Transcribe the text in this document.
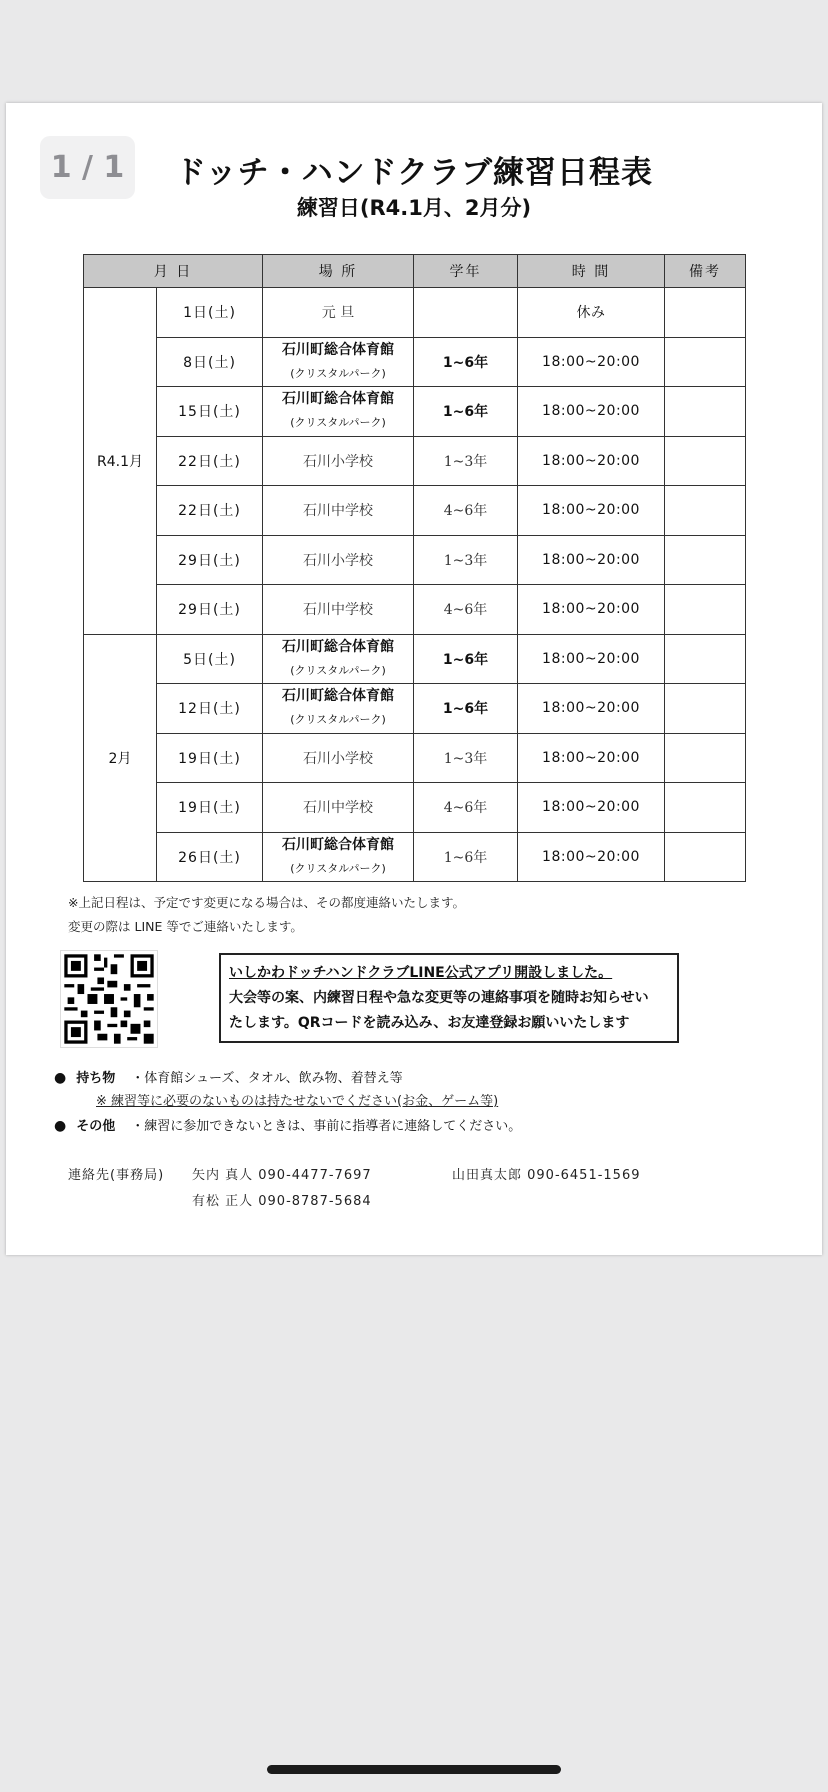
1 / 1	ドッチ・ハンドクラブ練習日程表
練習日(R4.1月、2月分)
月 日		場 所	学年	時 間	備考
R4.1月	1日(土)	元 旦		休み	
	8日(土)	石川町総合体育館
(クリスタルパーク)	1~6年	18:00~20:00	
	15日(土)	石川町総合体育館
(クリスタルパーク)	1~6年	18:00~20:00	
	22日(土)	石川小学校	1~3年	18:00~20:00	
	22日(土)	石川中学校	4~6年	18:00~20:00	
	29日(土)	石川小学校	1~3年	18:00~20:00	
	29日(土)	石川中学校	4~6年	18:00~20:00	
2月	5日(土)	石川町総合体育館
(クリスタルパーク)	1~6年	18:00~20:00	
	12日(土)	石川町総合体育館
(クリスタルパーク)	1~6年	18:00~20:00	
	19日(土)	石川小学校	1~3年	18:00~20:00	
	19日(土)	石川中学校	4~6年	18:00~20:00	
	26日(土)	石川町総合体育館
(クリスタルパーク)	1~6年	18:00~20:00	
※上記日程は、予定です変更になる場合は、その都度連絡いたします。
変更の際は LINE 等でご連絡いたします。
いしかわドッチハンドクラブLINE公式アプリ開設しました。
大会等の案、内練習日程や急な変更等の連絡事項を随時お知らせい
たします。QRコードを読み込み、お友達登録お願いいたします
● 持ち物 ・体育館シューズ、タオル、飲み物、着替え等
※ 練習等に必要のないものは持たせないでください(お金、ゲーム等)
● その他 ・練習に参加できないときは、事前に指導者に連絡してください。
連絡先(事務局) 矢内 真人 090-4477-7697	山田真太郎 090-6451-1569
有松 正人 090-8787-5684
